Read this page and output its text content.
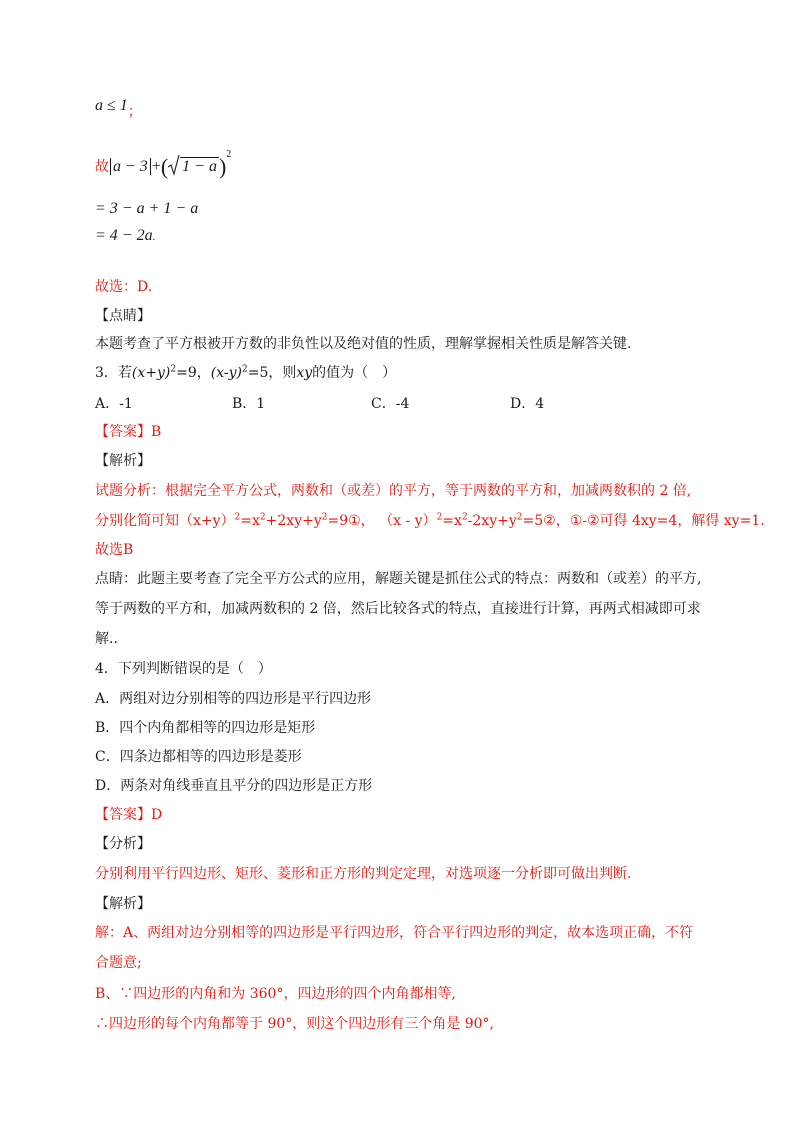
a ≤ 1；
故 a − 3 +( 1 − a)$^2$
= 3 − a + 1 − a
= 4 − 2a.
故选：D.
【点睛】
本题考查了平方根被开方数的非负性以及绝对值的性质，理解掌握相关性质是解答关键.
3．若$(x+y)^2=9$，$(x-y)^2=5$，则xy的值为（　）
A．-1	B．1	C．-4	D．4
【答案】B
【解析】
试题分析：根据完全平方公式，两数和（或差）的平方，等于两数的平方和，加减两数积的 2 倍,
分别化简可知$(x+y)^2=x^2+2xy+y^2=9①$， $(x - y)^2=x^2-2xy+y^2=5②$，①-②可得 4xy=4，解得 xy=1.
故选B
点睛：此题主要考查了完全平方公式的应用，解题关键是抓住公式的特点：两数和（或差）的平方,
等于两数的平方和，加减两数积的 2 倍，然后比较各式的特点，直接进行计算，再两式相减即可求
解..
4．下列判断错误的是（　）
A．两组对边分别相等的四边形是平行四边形
B．四个内角都相等的四边形是矩形
C．四条边都相等的四边形是菱形
D．两条对角线垂直且平分的四边形是正方形
【答案】D
【分析】
分别利用平行四边形、矩形、菱形和正方形的判定定理，对选项逐一分析即可做出判断.
【解析】
解：A、两组对边分别相等的四边形是平行四边形，符合平行四边形的判定，故本选项正确，不符
合题意;
B、∵四边形的内角和为 360°，四边形的四个内角都相等,
∴四边形的每个内角都等于 90°，则这个四边形有三个角是 90°,
